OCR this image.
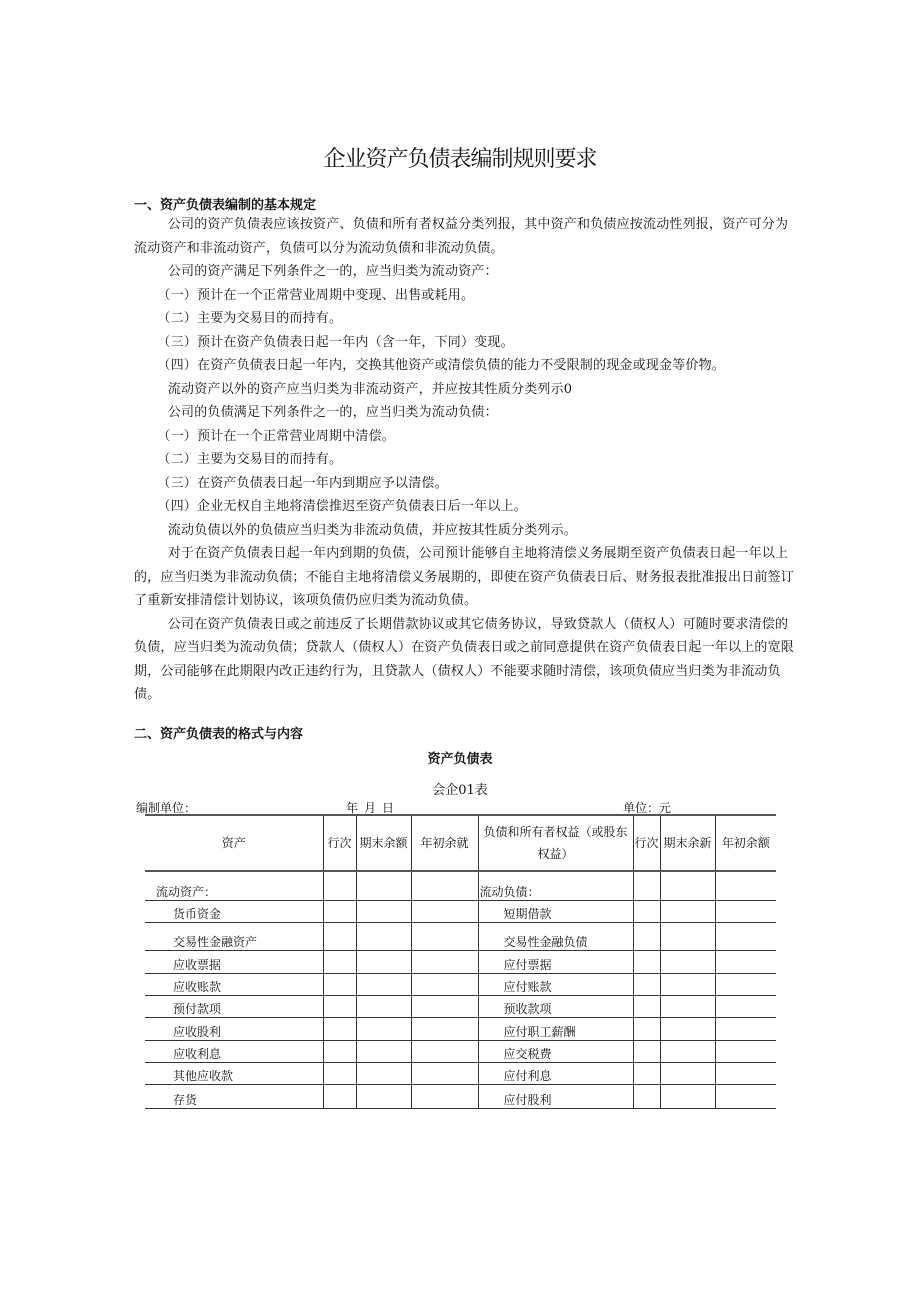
企业资产负债表编制规则要求
一、资产负债表编制的基本规定

公司的资产负债表应该按资产、负债和所有者权益分类列报，其中资产和负债应按流动性列报，资产可分为流动资产和非流动资产，负债可以分为流动负债和非流动负债。

公司的资产满足下列条件之一的，应当归类为流动资产：

（一）预计在一个正常营业周期中变现、出售或耗用。

（二）主要为交易目的而持有。

（三）预计在资产负债表日起一年内（含一年，下同）变现。

（四）在资产负债表日起一年内，交换其他资产或清偿负债的能力不受限制的现金或现金等价物。

流动资产以外的资产应当归类为非流动资产，并应按其性质分类列示0

公司的负债满足下列条件之一的，应当归类为流动负债：

（一）预计在一个正常营业周期中清偿。

（二）主要为交易目的而持有。

（三）在资产负债表日起一年内到期应予以清偿。

（四）企业无权自主地将清偿推迟至资产负债表日后一年以上。

流动负债以外的负债应当归类为非流动负债，并应按其性质分类列示。

对于在资产负债表日起一年内到期的负债，公司预计能够自主地将清偿义务展期至资产负债表日起一年以上的，应当归类为非流动负债；不能自主地将清偿义务展期的，即使在资产负债表日后、财务报表批准报出日前签订了重新安排清偿计划协议，该项负债仍应归类为流动负债。

公司在资产负债表日或之前违反了长期借款协议或其它债务协议，导致贷款人（债权人）可随时要求清偿的负债，应当归类为流动负债；贷款人（债权人）在资产负债表日或之前同意提供在资产负债表日起一年以上的宽限期，公司能够在此期限内改正违约行为，且贷款人（债权人）不能要求随时清偿，该项负债应当归类为非流动负债。

二、资产负债表的格式与内容
资产负债表
会企01表
编制单位：	年_月_日	单位：元
资产	行次	期末余额	年初余就	负债和所有者权益（或股东权益）	行次	期末余新	年初余额
流动资产：				流动负债：			
货币资金				短期借款			
交易性金融资产				交易性金融负债			
应收票据				应付票据			
应收账款				应付账款			
预付款项				预收款项			
应收股利				应付职工薪酬			
应收利息				应交税费			
其他应收款				应付利息			
存货				应付股利			
